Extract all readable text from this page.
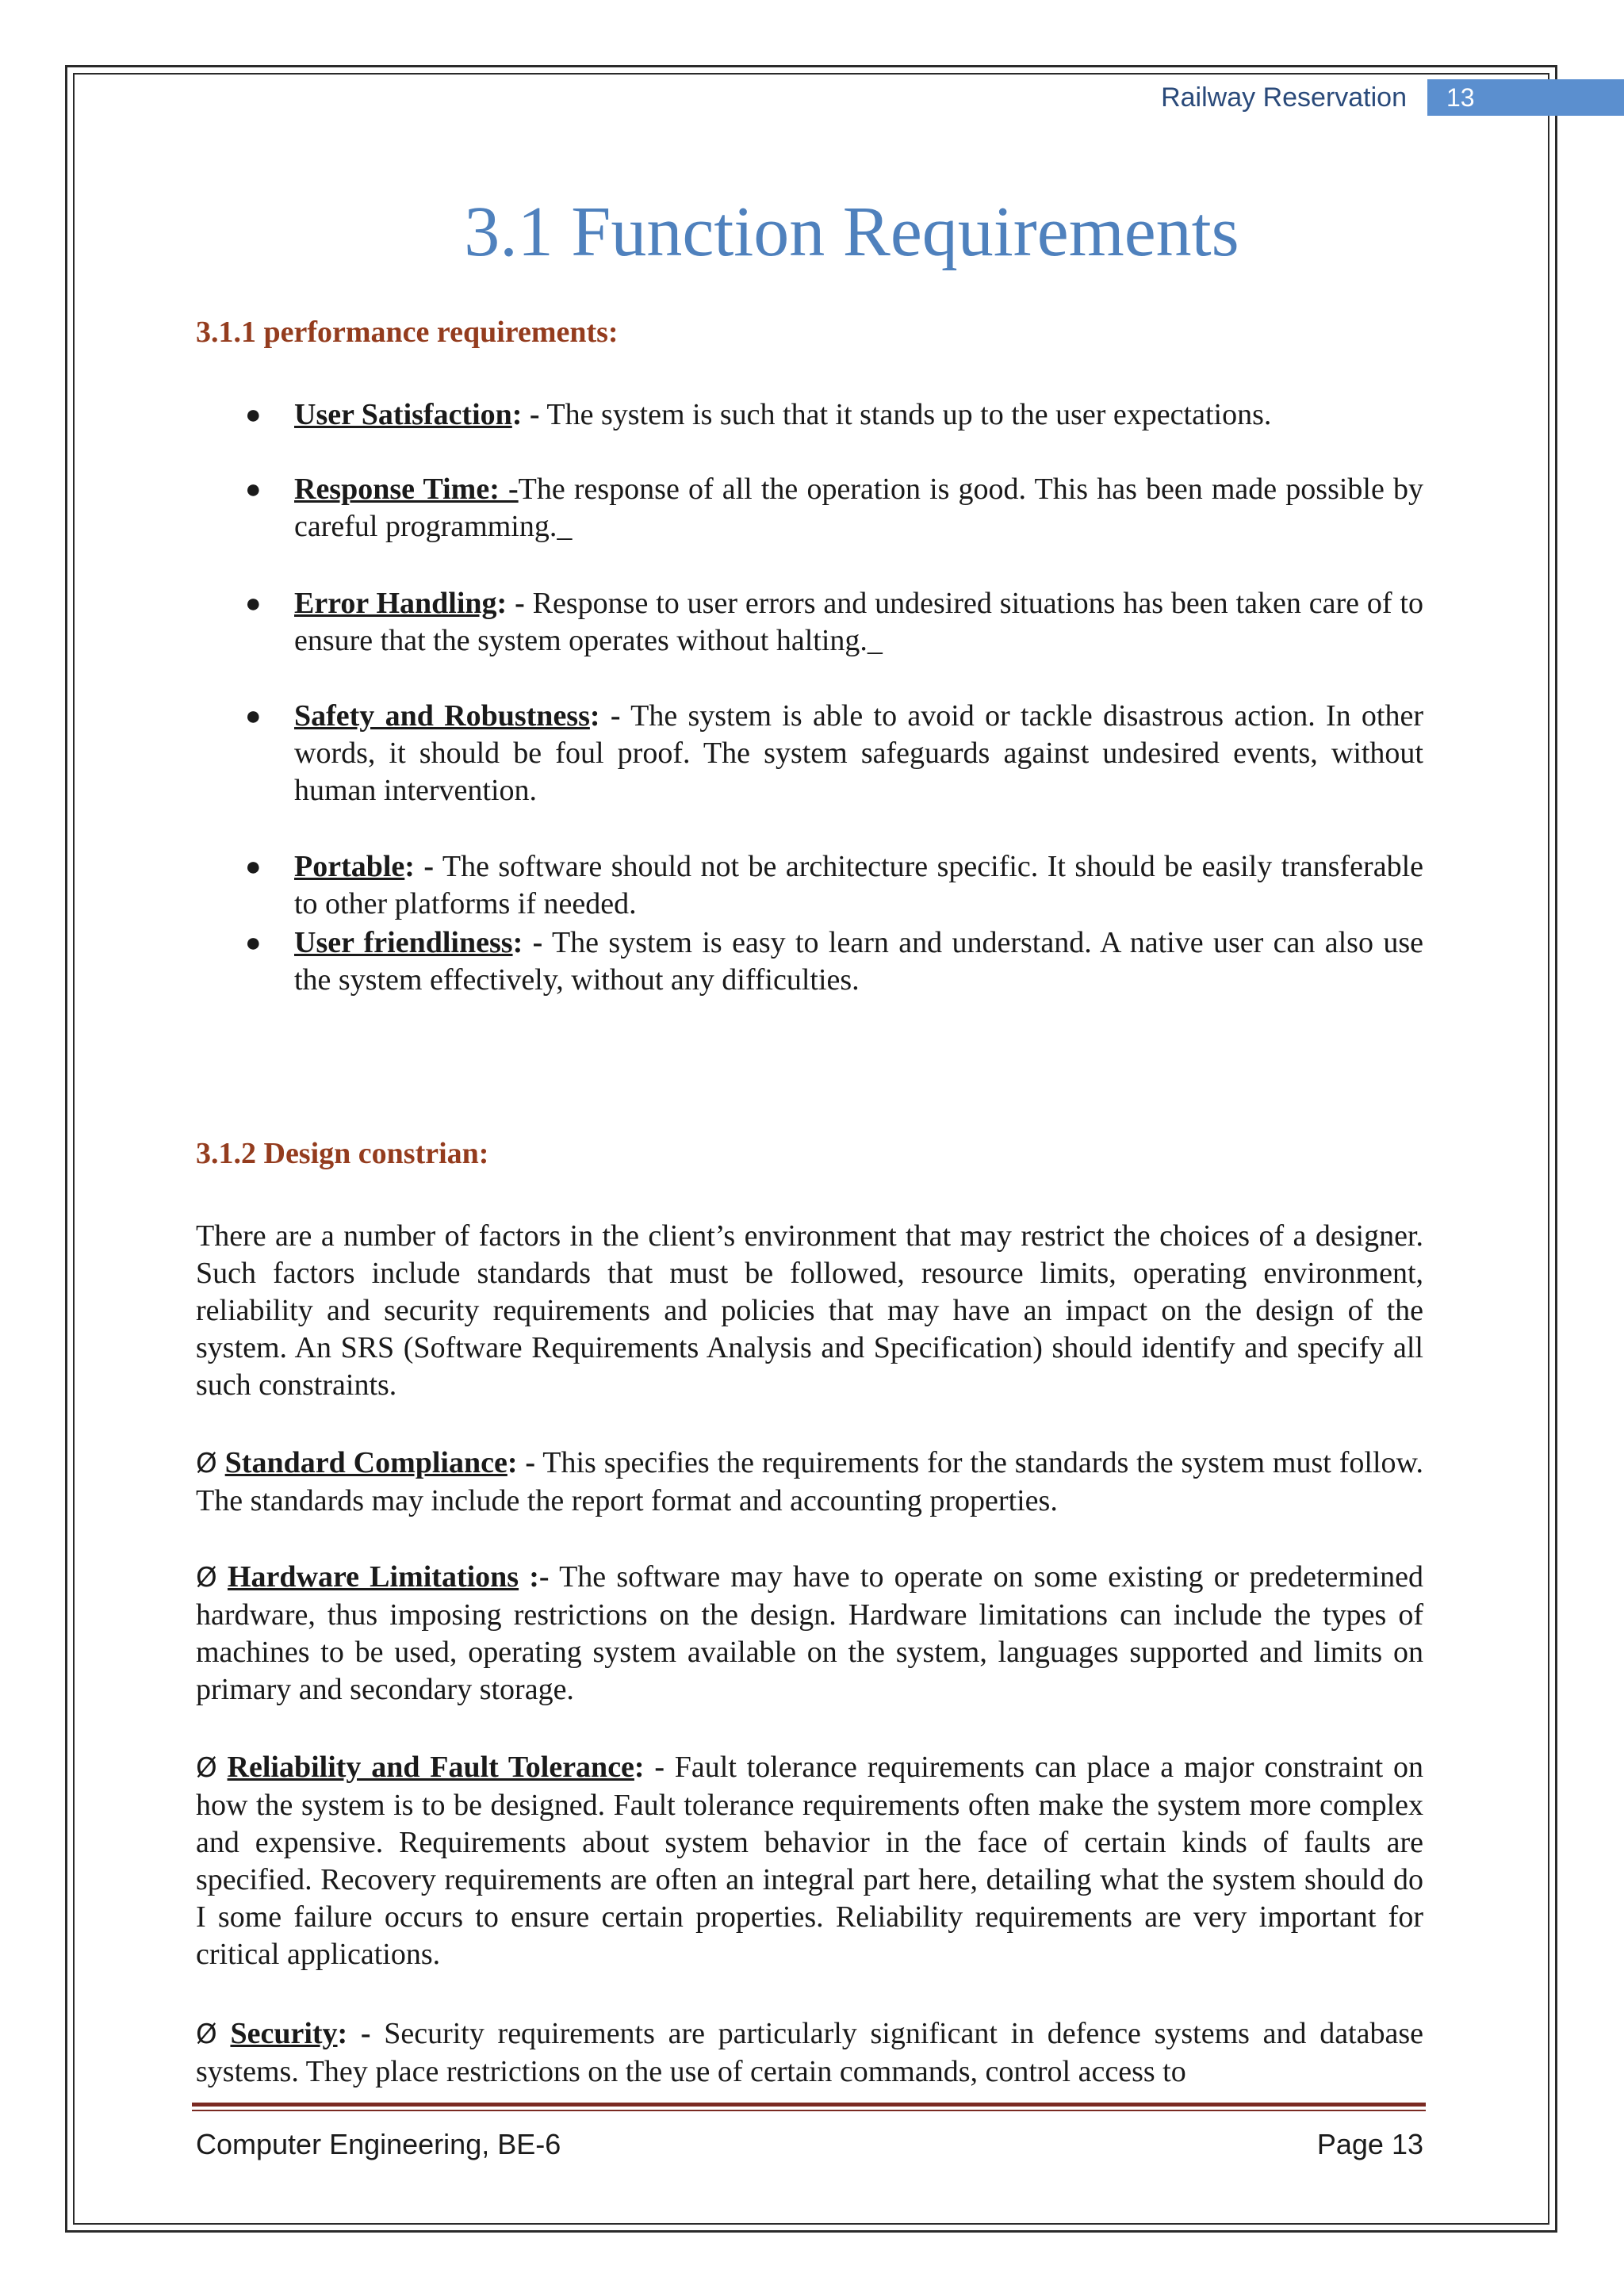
Railway Reservation	13
3.1 Function Requirements
3.1.1 performance requirements:
● User Satisfaction: - The system is such that it stands up to the user expectations.
● Response Time: -The response of all the operation is good. This has been made possible by careful programming._
● Error Handling: - Response to user errors and undesired situations has been taken care of to ensure that the system operates without halting._
● Safety and Robustness: - The system is able to avoid or tackle disastrous action. In other words, it should be foul proof. The system safeguards against undesired events, without human intervention.
● Portable: - The software should not be architecture specific. It should be easily transferable to other platforms if needed.
● User friendliness: - The system is easy to learn and understand. A native user can also use the system effectively, without any difficulties.
3.1.2 Design constrian:

There are a number of factors in the client’s environment that may restrict the choices of a designer. Such factors include standards that must be followed, resource limits, operating environment, reliability and security requirements and policies that may have an impact on the design of the system. An SRS (Software Requirements Analysis and Specification) should identify and specify all such constraints.

Ø Standard Compliance: - This specifies the requirements for the standards the system must follow. The standards may include the report format and accounting properties.

Ø Hardware Limitations :- The software may have to operate on some existing or predetermined hardware, thus imposing restrictions on the design. Hardware limitations can include the types of machines to be used, operating system available on the system, languages supported and limits on primary and secondary storage.

Ø Reliability and Fault Tolerance: - Fault tolerance requirements can place a major constraint on how the system is to be designed. Fault tolerance requirements often make the system more complex and expensive. Requirements about system behavior in the face of certain kinds of faults are specified. Recovery requirements are often an integral part here, detailing what the system should do I some failure occurs to ensure certain properties. Reliability requirements are very important for critical applications.

Ø Security: - Security requirements are particularly significant in defence systems and database systems. They place restrictions on the use of certain commands, control access to

Computer Engineering, BE-6	Page 13
